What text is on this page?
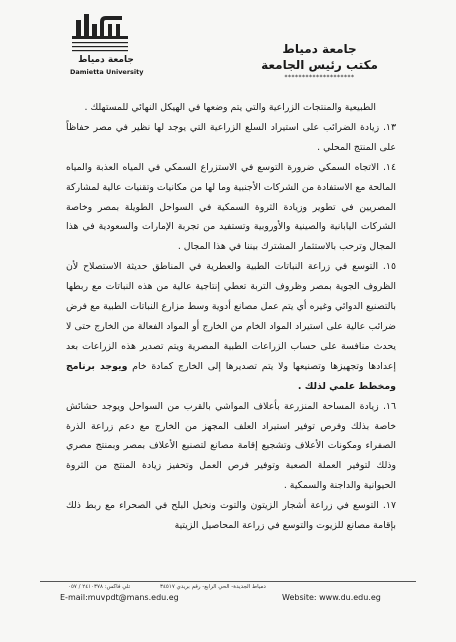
جامعة دمياط
Damietta University
جامعة دمياط
مكتب رئيس الجامعة
********************

الطبيعية والمنتجات الزراعية والتي يتم وضعها في الهيكل النهائي للمستهلك .

١٣. زيادة الضرائب على استيراد السلع الزراعية التي يوجد لها نظير في مصر حفاظاً على المنتج المحلي .

١٤. الاتجاه السمكي ضرورة التوسع في الاستزراع السمكي في المياه العذبة والمياه المالحة مع الاستفادة من الشركات الأجنبية وما لها من مكانيات وتقنيات عالية لمشاركة المصريين في تطوير وزيادة الثروة السمكية في السواحل الطويلة بمصر وخاصة الشركات اليابانية والصينية والأوروبية وتستفيد من تجربة الإمارات والسعودية في هذا المجال وترحب بالاستثمار المشترك بيننا في هذا المجال .

١٥. التوسع في زراعة النباتات الطبية والعطرية في المناطق حديثة الاستصلاح لأن الظروف الجوية بمصر وظروف التربة تعطي إنتاجية عالية من هذه النباتات مع ربطها بالتصنيع الدوائي وغيره أي يتم عمل مصانع أدوية وسط مزارع النباتات الطبية مع فرض ضرائب عالية على استيراد المواد الخام من الخارج أو المواد الفعالة من الخارج حتى لا يحدث منافسة على حساب الزراعات الطبية المصرية ويتم تصدير هذه الزراعات بعد إعدادها وتجهيزها وتصنيعها ولا يتم تصديرها إلى الخارج كمادة خام ويوجد برنامج ومخطط علمي لذلك .

١٦. زيادة المساحة المنزرعة بأعلاف المواشي بالقرب من السواحل ويوجد حشائش خاصة بذلك وفرص توفير استيراد العلف المجهز من الخارج مع دعم زراعة الذرة الصفراء ومكونات الأعلاف وتشجيع إقامة مصانع لتصنيع الأعلاف بمصر وبمنتج مصري وذلك لتوفير العملة الصعبة وتوفير فرص العمل وتحفيز زيادة المنتج من الثروة الحيوانية والداجنة والسمكية .

١٧. التوسع في زراعة أشجار الزيتون والتوت ونخيل البلح في الصحراء مع ربط ذلك بإقامة مصانع للزيوت والتوسع في زراعة المحاصيل الزيتية

دمياط الجديدة- الحي الرابع- رقم بريدي ٣٤٥١٧
تلي فاكس: ٢٤١٠٣٧٨ / ٠٥٧
E-mail:muvpdt@mans.edu.eg	Website: www.du.edu.eg
